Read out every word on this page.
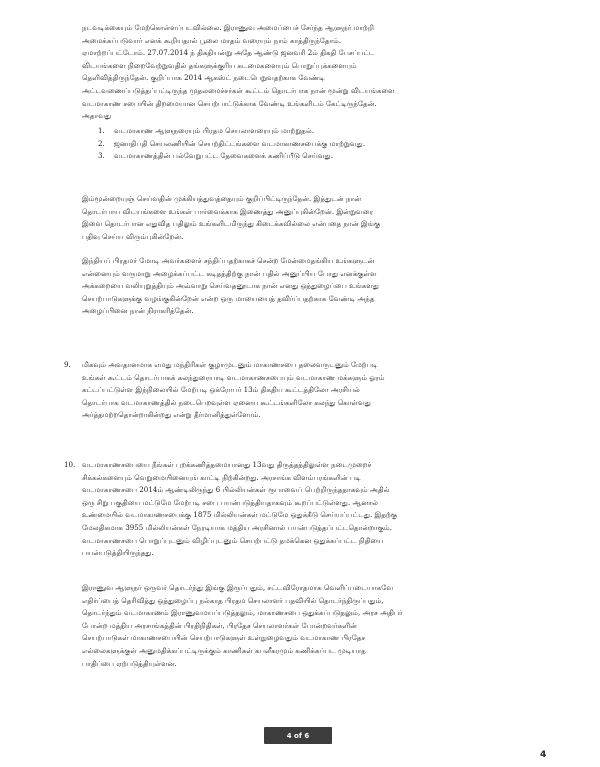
நடவடிக்கையும் மேற்கொள்ளப்படவில்லை. இராணுவ அமைப்பைச் சேர்ந்த ஆளுநர் மாற்றி

அமைக்கப்படுவார் எனக் கூறியதால் பூலை மாதம் வரையும் நாம் காத்திருந்தோம்.

ஏமாற்றப்பட்டோம். 27.07.2014 ந் திகதியன்று அதே ஆண்டு ஜனவரி 2ம் திகதி பேசப்பட்ட

விடயங்களை நிறைவேற்றுவதில் தங்களுக்குரிய கடமைகளையும் பொறுப்புக்களையும்

தெளிவித்திருந்தேன். குறிப்பாக 2014 ஆகஸ்ட் நடைபெறுவதற்காக வேண்டி

அட்டவணைப்படுத்தப்பட்டிருந்த முதலமைச்சர்கள் கூட்டம் தொடர்பாக நான் மூன்று விடயங்களை

வடமாகாண சபையின் திறமையான செயற்பாட்டுக்காக வேண்டி உங்களிடம் கேட்டிருந்தேன்.

அதாவது

1.	வடமாகாண ஆளுநரையும் பிரதம செயலாளரையும் மாற்றுதல்.
2.	ஜனாதிபதி செயலணியின் செயற்திட்டங்களை வடமாகாணசபைக்கு மாற்றுவது.
3.	வடமாகாணத்தின் பல்வேறுபட்ட தேவைகளைக் கணிப்பீடு செய்வது.

இம்மூன்றையுஞ் செய்வதின் முக்கியத்துவத்தையும் குறிப்பிட்டிருந்தேன். இத்துடன் நான்

தொடர்பாய விடயங்களை உங்கள் பார்வைக்காக இணைத்து அனுப்புகின்றேன். இன்றுவரை

இவை தொடர்பான எதுவித பதிலும் உங்களிடமிருந்து கிடைக்கவில்லை என்பதை நான் இங்கு

பதிவு செய்ய விரும்புகின்றேன்.

இந்தியப் பிரதமர் மோடி அவர்களைச் சந்திப்பதற்காகச் சென்ற மேன்மைதங்கிய உங்களுடன்

என்னையும் வருமாறு அழைக்கப்பட்ட கடிதத்திற்கு நான் பதில் அனுப்பிய போது எனக்குள்ள

அக்கறையை வலியுறுத்தியும் அவ்வாறு செய்வதனூடாக நான் எனது ஒத்துழைப்பை உங்களது

செயற்பாடுகளுக்கு வழங்குகின்றேன் என்ற ஒரு மாயையைத் தவிர்ப்பதற்காக வேண்டி அந்த

அழைப்பினை நான் நிராகரித்தேன்.

9.	மிகவும் அவதானமாக எமது மந்திரிகள் குழாமுடனும் மாகாணசபை தலைவருடனும் மேற்படி

உங்கள் கூட்டம் தொடர்பாகக் கலந்துரையாடி வடமாகாணசபையும் வடமாகாண மக்களும் ஓரம்

கட்டப்பட்டுள்ள இந்நிலையில் மேற்படி ஒக்ரோபர் 13ம் திகதிய கூட்டத்திலோ அரசியல்

தொடர்பாக வடமாகாணத்தில் நடைபெறவுள்ள ஏனைய கூட்டங்களிலோ கலந்து கொள்வது

அர்த்தமற்றதொன்றாகின்றது என்று தீர்மானித்துள்ளோம்.

10. வடமாகாணசபையை நீங்கள் புறக்கணித்தமையானது 13வது திருத்தத்திலுள்ள நடைமுறைச்

சிக்கல்களையும் வெறுமையினையுங் காட்டி நிற்கின்றது. அரசாங்க விளம்பரங்களின் படி

வடமாகாணசபை 2014ம் ஆண்டிலிருந்து 6 பில்லியன்கள் ரூபாவைப் பெற்றிருந்ததாகவும் அதில்

ஒரு சிறு பகுதியை மட்டுமே மேற்படி சபை பயன்படுத்தியதாகவும் கூறப்பட்டுள்ளது. ஆனால்

உண்மையில் வடமாகாணசபைக்கு 1875 மில்லியன்கள் மட்டுமே ஒதுக்கீடு செய்யப்பட்டது. இதற்கு

மேலதிகமாக 3955 மில்லியன்கள் நேரடியாக மத்திய அரசினால் பயன்படுத்தப்பட்டதொன்றாகும்.

வடமாகாணசபை பொறுப்புடனும் விழிப்புடனும் செயற்பட்டு தமக்கென ஒதுக்கப்பட்ட நிதியை

பயன்படுத்தியிருந்தது.

இராணுவ ஆளுநர் ஒருவர் தொடர்ந்து இங்கு இருப்பதும், சட்டவிரோதமாக வெளிப்படையாகவே

எதிர்ப்பைத் தெரிவித்து ஒத்துழைப்பு நல்காத பிரதம செயலாளர் பதவியில் தொடர்ந்திருப்பதும்,

தொடர்ந்தும் வடமாகாணம் இராணுவமயப்படுத்தலும், மாகாணசபை ஒதுக்கப்படுதலும், அரச அதிபர்

போன்ற மத்திய அரசாங்கத்தின் பிரதிநிதிகள், பிரதேச செயலாளர்கள் போன்றவர்களின்

செயற்பாடுகள் மாகாணசபையின் செயற்பாடுகளுள் உள்நுழைவதும் வடமாகாண பிரதேச

எல்லைகளுக்குள் அனுமதிக்கப்பட்டிருக்கும் காணிகள் கபளீகரமும் கணிக்கப்பட முடியாத

பாதிப்பை ஏற்படுத்தியுள்ளன.

4 of 6
4
